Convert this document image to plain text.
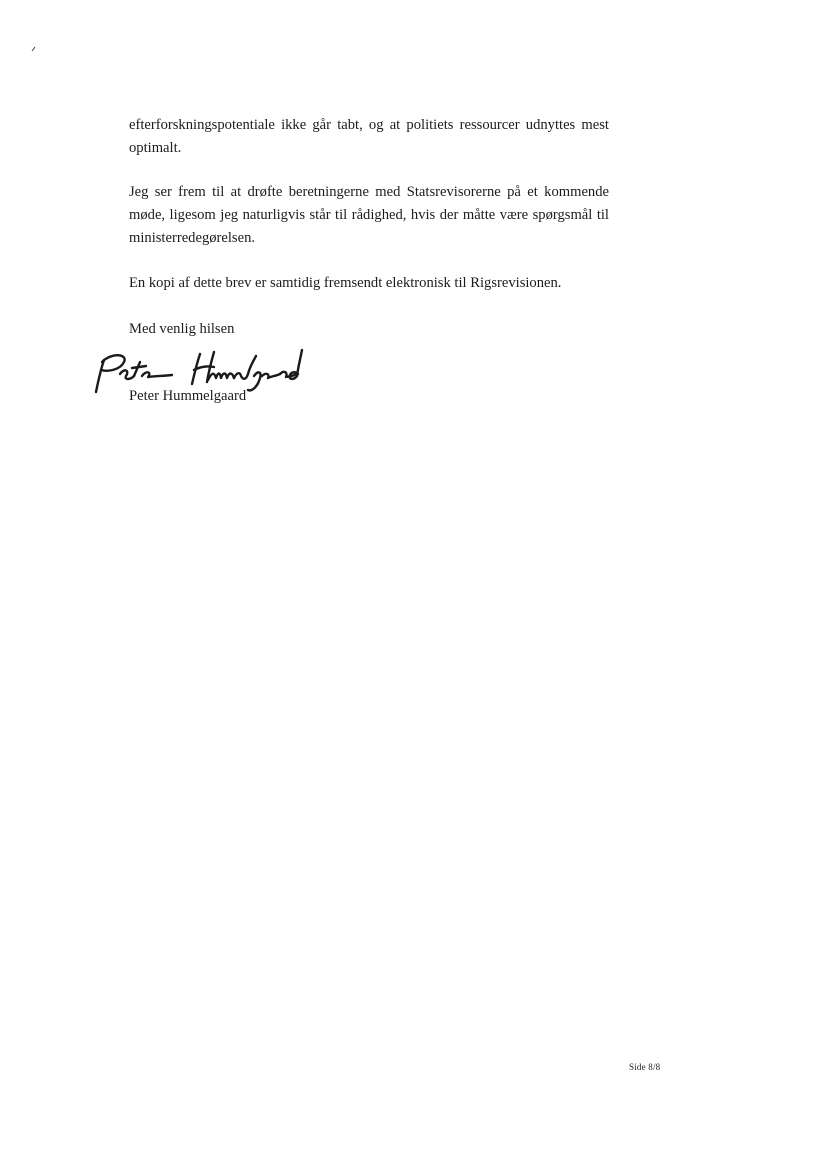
efterforskningspotentiale ikke går tabt, og at politiets ressourcer udnyttes mest optimalt.

Jeg ser frem til at drøfte beretningerne med Statsrevisorerne på et kommende møde, ligesom jeg naturligvis står til rådighed, hvis der måtte være spørgsmål til ministerredegørelsen.

En kopi af dette brev er samtidig fremsendt elektronisk til Rigsrevisionen.

Med venlig hilsen
Peter Hummelgaard
Side 8/8
